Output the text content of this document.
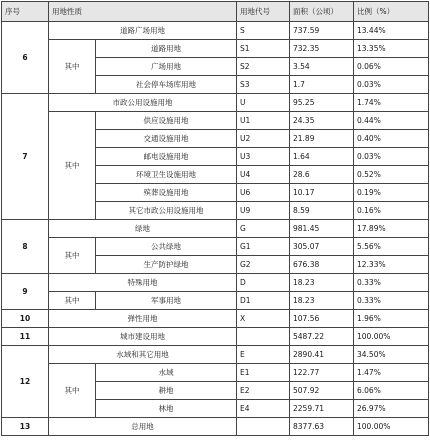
序号	用地性质		用地代号	面积（公顷）	比例（%）
6	道路广场用地		S	737.59	13.44%
	其中	道路用地	S1	732.35	13.35%
		广场用地	S2	3.54	0.06%
		社会停车场库用地	S3	1.7	0.03%
7	市政公用设施用地		U	95.25	1.74%
	其中	供应设施用地	U1	24.35	0.44%
		交通设施用地	U2	21.89	0.40%
		邮电设施用地	U3	1.64	0.03%
		环境卫生设施用地	U4	28.6	0.52%
		殡葬设施用地	U6	10.17	0.19%
		其它市政公用设施用地	U9	8.59	0.16%
8	绿地		G	981.45	17.89%
	其中	公共绿地	G1	305.07	5.56%
		生产防护绿地	G2	676.38	12.33%
9	特殊用地		D	18.23	0.33%
	其中	军事用地	D1	18.23	0.33%
10	弹性用地		X	107.56	1.96%
11	城市建设用地			5487.22	100.00%
12	水域和其它用地		E	2890.41	34.50%
	其中	水域	E1	122.77	1.47%
		耕地	E2	507.92	6.06%
		林地	E4	2259.71	26.97%
13	总用地			8377.63	100.00%
